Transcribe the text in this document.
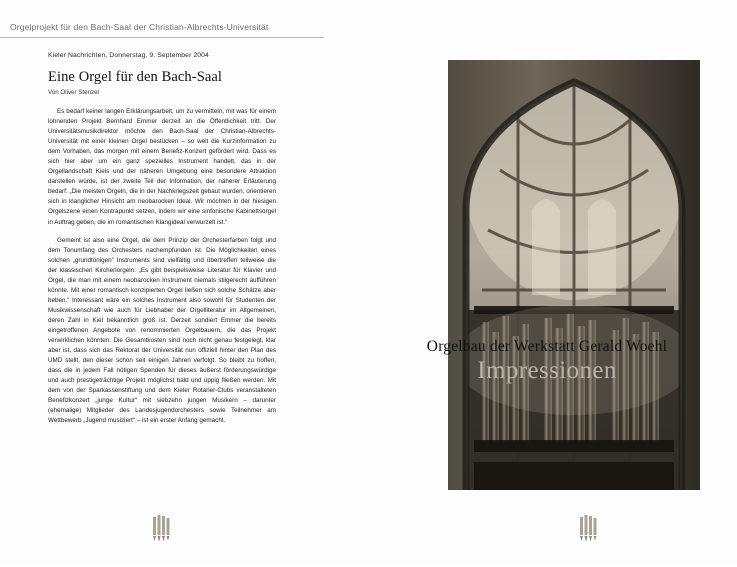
Orgelprojekt für den Bach-Saal der Christian-Albrechts-Universität

Kieler Nachrichten, Donnerstag, 9. September 2004

Eine Orgel für den Bach-Saal

Von Oliver Stenzel

Es bedarf keiner langen Erklärungsarbeit, um zu vermitteln, mit was für einem lohnenden Projekt Bernhard Emmer derzeit an die Öffentlichkeit tritt. Der Universitätsmusikdirektor möchte den Bach-Saal der Christian-Albrechts-Universität mit einer kleinen Orgel bestücken – so weit die Kurzinformation zu dem Vorhaben, das morgen mit einem Benefiz-Konzert gefördert wird. Dass es sich hier aber um ein ganz spezielles Instrument handelt, das in der Orgellandschaft Kiels und der näheren Umgebung eine besondere Attraktion darstellen würde, ist der zweite Teil der Information, der näherer Erläuterung bedarf: „Die meisten Orgeln, die in der Nachkriegszeit gebaut wurden, orientieren sich in klanglicher Hinsicht am neobarocken Ideal. Wir möchten in der hiesigen Orgelszene einen Kontrapunkt setzen, indem wir eine sinfonische Kabinettsorgel in Auftrag geben, die im romantischen Klangideal verwurzelt ist.“

Gemeint ist also eine Orgel, die dem Prinzip der Orchesterfarben folgt und dem Tonumfang des Orchesters nachempfunden ist. Die Möglichkeiten eines solchen „grundtönigen“ Instruments sind vielfältig und übertreffen teilweise die der klassischen Kirchenorgeln: „Es gibt beispielsweise Literatur für Klavier und Orgel, die man mit einem neobarocken Instrument niemals stilgerecht aufführen könnte. Mit einer romantisch konzipierten Orgel ließen sich solche Schätze aber heben.“ Interessant wäre ein solches Instrument also sowohl für Studenten der Musikwissenschaft wie auch für Liebhaber der Orgelliteratur im Allgemeinen, deren Zahl in Kiel bekanntlich groß ist. Derzeit sondiert Emmer die bereits eingetroffenen Angebote von renommierten Orgelbauern, die das Projekt verwirklichen könnten. Die Gesamtkosten sind noch nicht genau festgelegt, klar aber ist, dass sich das Rektorat der Universität nun offiziell hinter den Plan des UMD stellt, den dieser schon seit einigen Jahren verfolgt. So bleibt zu hoffen, dass die in jedem Fall nötigen Spenden für dieses äußerst förderungswürdige und auch prestigeträchtige Projekt möglichst bald und üppig fließen werden. Mit dem von der Sparkassenstiftung und dem Kieler Rotarier-Clubs veranstalteten Benefizkonzert „junge Kultur“ mit siebzehn jungen Musikern – darunter (ehemalige) Mitglieder des Landesjugendorchesters sowie Teilnehmer am Wettbewerb „Jugend musiziert“ – ist ein erster Anfang gemacht.

Orgelbau der Werkstatt Gerald Woehl
Impressionen
